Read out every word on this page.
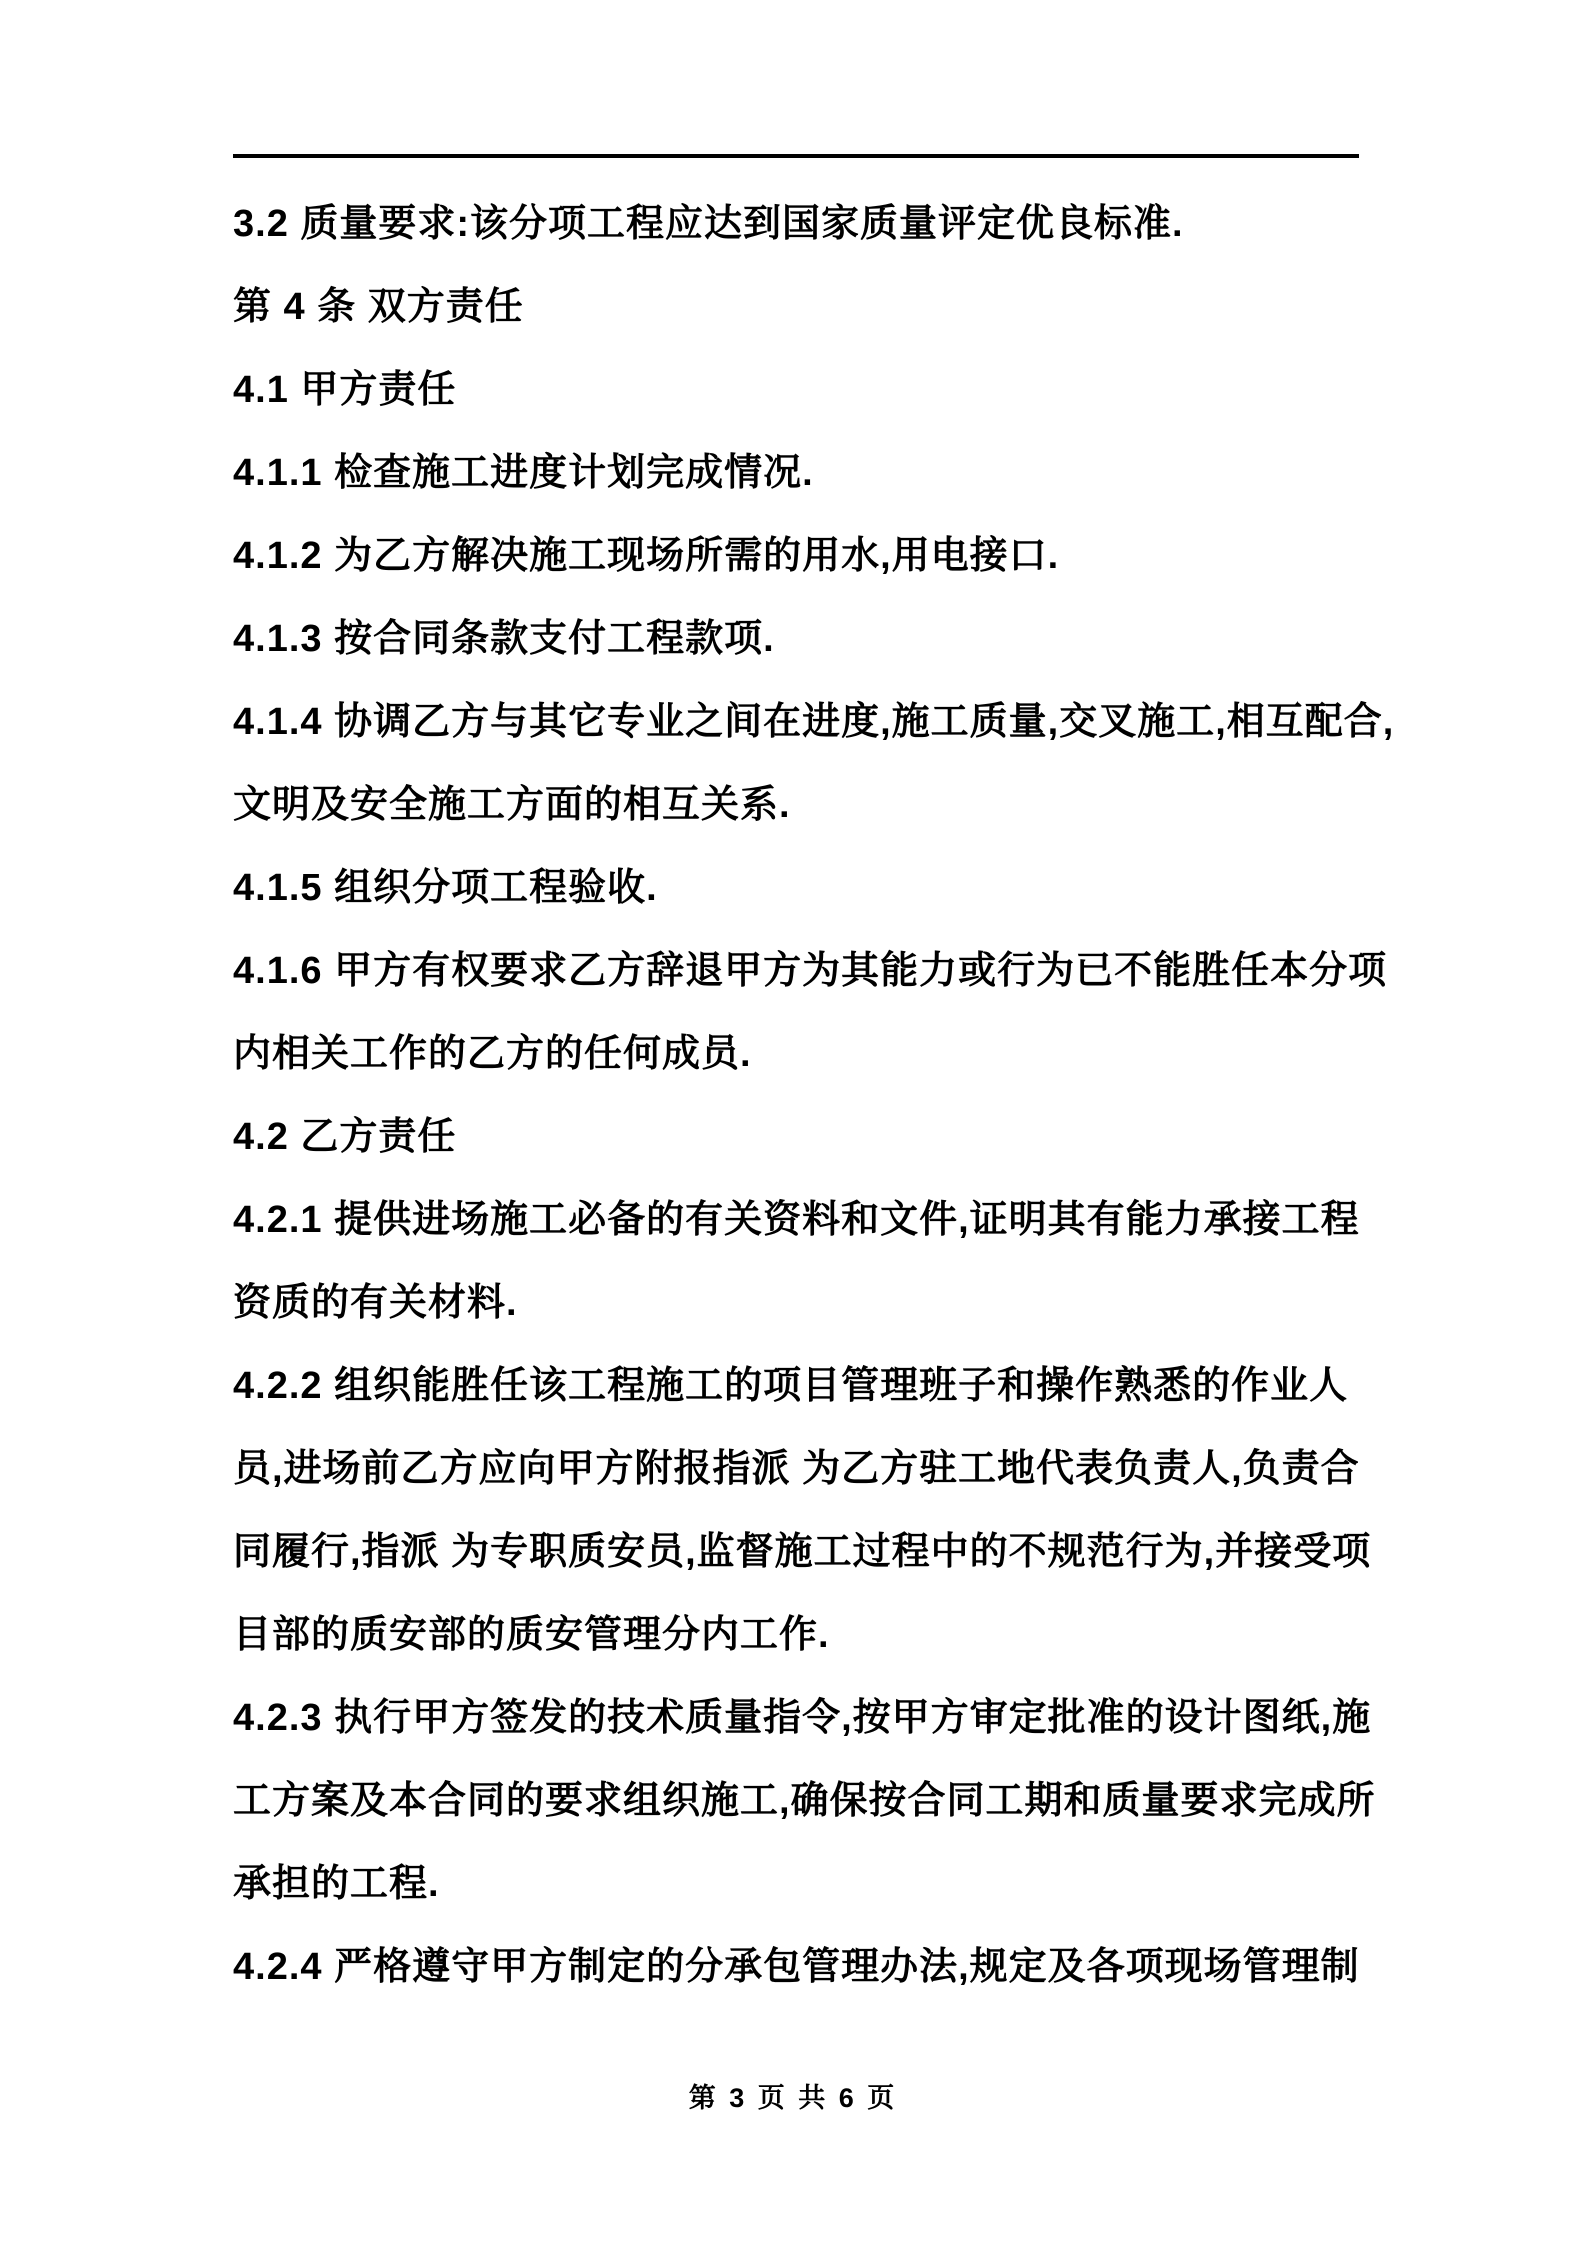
3.2 质量要求:该分项工程应达到国家质量评定优良标准.
第 4 条 双方责任
4.1 甲方责任
4.1.1 检查施工进度计划完成情况.
4.1.2 为乙方解决施工现场所需的用水,用电接口.
4.1.3 按合同条款支付工程款项.
4.1.4 协调乙方与其它专业之间在进度,施工质量,交叉施工,相互配合,
文明及安全施工方面的相互关系.
4.1.5 组织分项工程验收.
4.1.6 甲方有权要求乙方辞退甲方为其能力或行为已不能胜任本分项
内相关工作的乙方的任何成员.
4.2 乙方责任
4.2.1 提供进场施工必备的有关资料和文件,证明其有能力承接工程
资质的有关材料.
4.2.2 组织能胜任该工程施工的项目管理班子和操作熟悉的作业人
员,进场前乙方应向甲方附报指派 为乙方驻工地代表负责人,负责合
同履行,指派 为专职质安员,监督施工过程中的不规范行为,并接受项
目部的质安部的质安管理分内工作.
4.2.3 执行甲方签发的技术质量指令,按甲方审定批准的设计图纸,施
工方案及本合同的要求组织施工,确保按合同工期和质量要求完成所
承担的工程.
4.2.4 严格遵守甲方制定的分承包管理办法,规定及各项现场管理制
第 3 页 共 6 页
